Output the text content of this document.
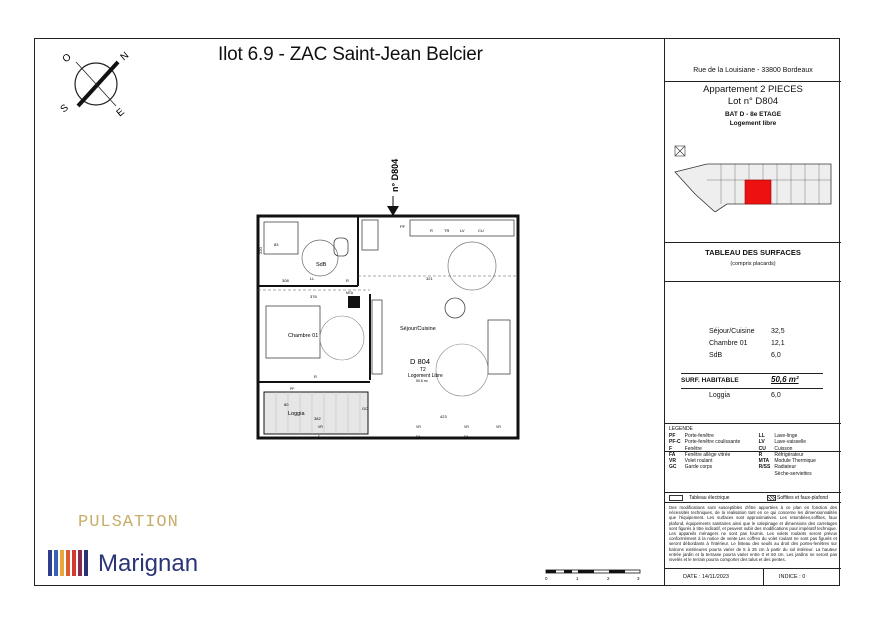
Ilot 6.9 - ZAC Saint-Jean Belcier
N
O
S	E
n° D804
SdB
Chambre 01
Séjour/Cuisine
Loggia
PF
R	TR	LV	CU
R
LL
MTA
GC
R
220
308
376
321
423
382
80
83
D 804
T2
Logement Libre
50.6 m²
PF
VR
FA
VR
FA
VR
F
VR
Rue de la Louisiane - 33800 Bordeaux
Appartement 2 PIECES
Lot n° D804
BAT D - 8e ETAGE
Logement libre
TABLEAU DES SURFACES
(compris placards)
Séjour/Cuisine	32,5
Chambre 01	12,1
SdB	6,0
SURF. HABITABLE	50,6 m²
Loggia	6,0
LEGENDE
PF	Porte-fenêtre	LL	Lave-linge
PF-C	Porte-fenêtre coulissante	LV	Lave-vaisselle
F	Fenêtre	CU	Cuisson
FA	Fenêtre allège vitrée	R	Réfrigérateur
VR	Volet roulant	MTA	Module Thermique
GC	Garde corps	R/SS	Radiateur
			Sèche-serviettes
Tableau électrique	Soffites et faux-plafond
Des modifications sont susceptibles d'être apportées à ce plan en fonction des nécessités techniques, de la réalisation tant en ce qui concerne les dimensionnalités que l'équipement. Les surfaces sont approximatives. Les retombées,soffites, faux plafond, équipements sanitaires ainsi que le calepinage et dimensions des carrelages sont figurés à titre indicatif, et peuvent subir des modifications pour impératif technique. Les appareils ménagers ne sont pas fournis. Les volets roulants seront prévus conformément à la notice de vente.Les coffres du volet roulant ne sont pas figurés et seront débordants à l'intérieur. Le linteau des seuils au droit des portes-fenêtres sur balcons extérieures pourra varier de 5 à 25 cm à partir du sol intérieur. La hauteur entrée jardin et la terrasse pourra varier entre 0 et 60 cm. Les jardins ne seront pas nivelés et le terrain pourra comporter des talus et des pentes.
DATE : 14/11/2023	INDICE : 0
0	1	2	3
PULSATION
Marignan
